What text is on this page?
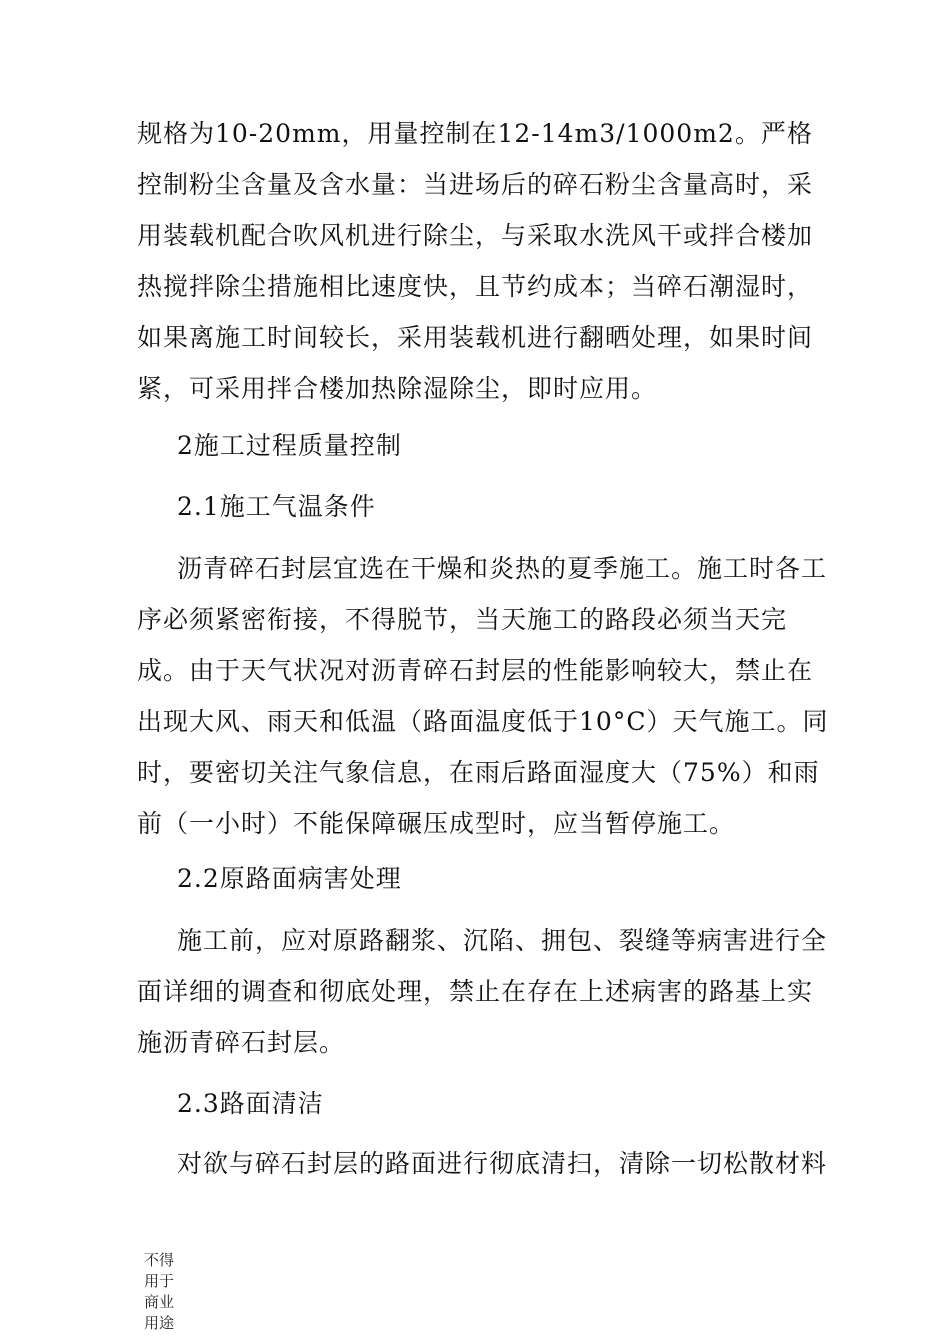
规格为10-20mm，用量控制在12-14m3/1000m2。严格控制粉尘含量及含水量：当进场后的碎石粉尘含量高时，采用装载机配合吹风机进行除尘，与采取水洗风干或拌合楼加热搅拌除尘措施相比速度快，且节约成本；当碎石潮湿时，如果离施工时间较长，采用装载机进行翻晒处理，如果时间紧，可采用拌合楼加热除湿除尘，即时应用。

2施工过程质量控制

2.1施工气温条件

沥青碎石封层宜选在干燥和炎热的夏季施工。施工时各工序必须紧密衔接，不得脱节，当天施工的路段必须当天完成。由于天气状况对沥青碎石封层的性能影响较大，禁止在出现大风、雨天和低温（路面温度低于10°C）天气施工。同时，要密切关注气象信息，在雨后路面湿度大（75%）和雨前（一小时）不能保障碾压成型时，应当暂停施工。

2.2原路面病害处理

施工前，应对原路翻浆、沉陷、拥包、裂缝等病害进行全面详细的调查和彻底处理，禁止在存在上述病害的路基上实施沥青碎石封层。

2.3路面清洁

对欲与碎石封层的路面进行彻底清扫，清除一切松散材料

不得用于商业用途
